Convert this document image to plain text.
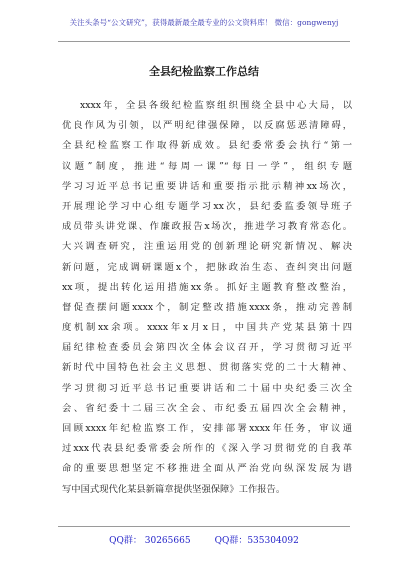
关注头条号“公文研究”，获得最新最全最专业的公文资料库！ 微信：gongwenyj
全县纪检监察工作总结
xxxx年，全县各级纪检监察组织围绕全县中心大局，以
优良作风为引领，以严明纪律强保障，以反腐惩恶清障碍，
全县纪检监察工作取得新成效。县纪委常委会执行“第一
议题”制度，推进“每周一课”“每日一学”，组织专题
学习习近平总书记重要讲话和重要指示批示精神xx场次，
开展理论学习中心组专题学习xx次，县纪委监委领导班子
成员带头讲党课、作廉政报告x场次，推进学习教育常态化。
大兴调查研究，注重运用党的创新理论研究新情况、解决
新问题，完成调研课题x个，把脉政治生态、查纠突出问题
xx项，提出转化运用措施xx条。抓好主题教育整改整治，
督促查摆问题xxxx个，制定整改措施xxxx条，推动完善制
度机制xx余项。xxxx年x月x日，中国共产党某县第十四
届纪律检查委员会第四次全体会议召开，学习贯彻习近平
新时代中国特色社会主义思想、贯彻落实党的二十大精神、
学习贯彻习近平总书记重要讲话和二十届中央纪委三次全
会、省纪委十二届三次全会、市纪委五届四次全会精神，
回顾xxxx年纪检监察工作，安排部署xxxx年任务，审议通
过xxx代表县纪委常委会所作的《深入学习贯彻党的自我革
命的重要思想坚定不移推进全面从严治党向纵深发展为谱
写中国式现代化某县新篇章提供坚强保障》工作报告。
QQ群： 30265665	QQ群：535304092
